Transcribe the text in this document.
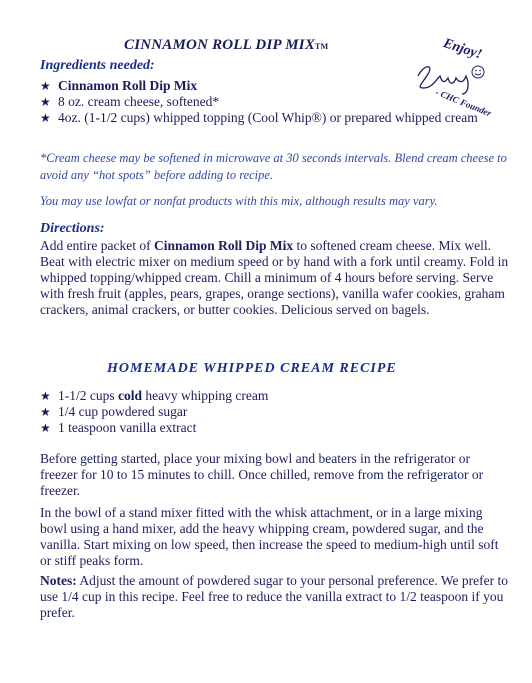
CINNAMON ROLL DIP MIXTM	Enjoy!
- CHC Founder
Ingredients needed:
★ Cinnamon Roll Dip Mix
★ 8 oz. cream cheese, softened*
★ 4oz. (1-1/2 cups) whipped topping (Cool Whip®) or prepared whipped cream
*Cream cheese may be softened in microwave at 30 seconds intervals. Blend cream cheese to avoid any “hot spots” before adding to recipe.
You may use lowfat or nonfat products with this mix, although results may vary.
Directions:
Add entire packet of Cinnamon Roll Dip Mix to softened cream cheese. Mix well. Beat with electric mixer on medium speed or by hand with a fork until creamy. Fold in whipped topping/whipped cream. Chill a minimum of 4 hours before serving. Serve with fresh fruit (apples, pears, grapes, orange sections), vanilla wafer cookies, graham crackers, animal crackers, or butter cookies. Delicious served on bagels.
HOMEMADE WHIPPED CREAM RECIPE
★ 1-1/2 cups cold heavy whipping cream
★ 1/4 cup powdered sugar
★ 1 teaspoon vanilla extract
Before getting started, place your mixing bowl and beaters in the refrigerator or freezer for 10 to 15 minutes to chill. Once chilled, remove from the refrigerator or freezer.
In the bowl of a stand mixer fitted with the whisk attachment, or in a large mixing bowl using a hand mixer, add the heavy whipping cream, powdered sugar, and the vanilla. Start mixing on low speed, then increase the speed to medium-high until soft or stiff peaks form.
Notes: Adjust the amount of powdered sugar to your personal preference. We prefer to use 1/4 cup in this recipe. Feel free to reduce the vanilla extract to 1/2 teaspoon if you prefer.
